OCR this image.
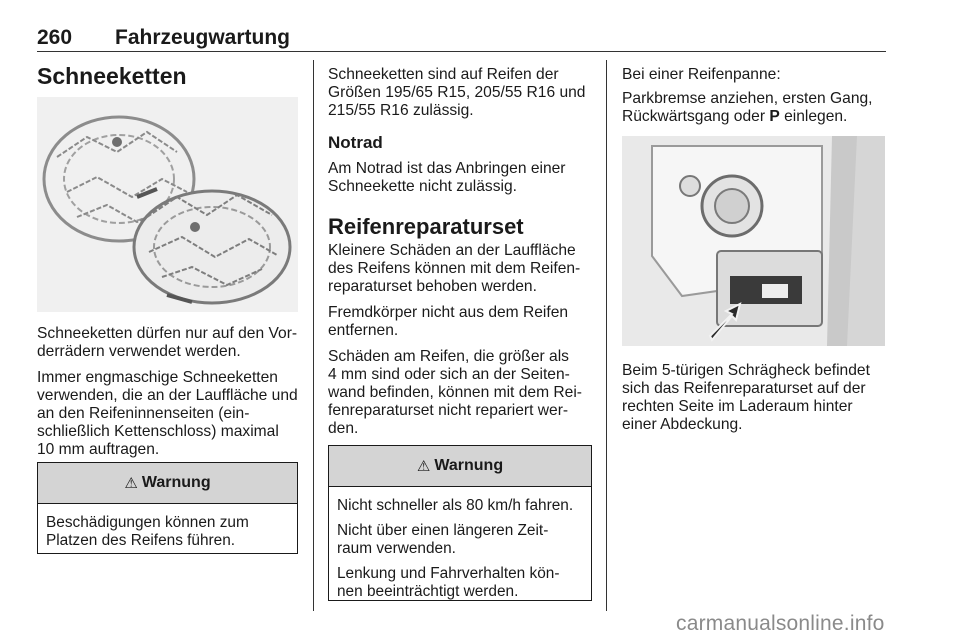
260 Fahrzeugwartung
Schneeketten

Schneeketten dürfen nur auf den Vor-
derrädern verwendet werden.

Immer engmaschige Schneeketten
verwenden, die an der Lauffläche und
an den Reifeninnenseiten (ein-
schließlich Kettenschloss) maximal
10 mm auftragen.

⚠ Warnung

Beschädigungen können zum Platzen des Reifens führen.

Schneeketten sind auf Reifen der
Größen 195/65 R15, 205/55 R16 und
215/55 R16 zulässig.

Notrad

Am Notrad ist das Anbringen einer
Schneekette nicht zulässig.

Reifenreparaturset

Kleinere Schäden an der Lauffläche
des Reifens können mit dem Reifen-
reparaturset behoben werden.

Fremdkörper nicht aus dem Reifen
entfernen.

Schäden am Reifen, die größer als
4 mm sind oder sich an der Seiten-
wand befinden, können mit dem Rei-
fenreparaturset nicht repariert wer-
den.

⚠ Warnung

Nicht schneller als 80 km/h fahren.

Nicht über einen längeren Zeit- raum verwenden.

Lenkung und Fahrverhalten kön- nen beeinträchtigt werden.

Bei einer Reifenpanne:

Parkbremse anziehen, ersten Gang,
Rückwärtsgang oder P einlegen.

Beim 5-türigen Schrägheck befindet
sich das Reifenreparaturset auf der
rechten Seite im Laderaum hinter
einer Abdeckung.

carmanualsonline.info
